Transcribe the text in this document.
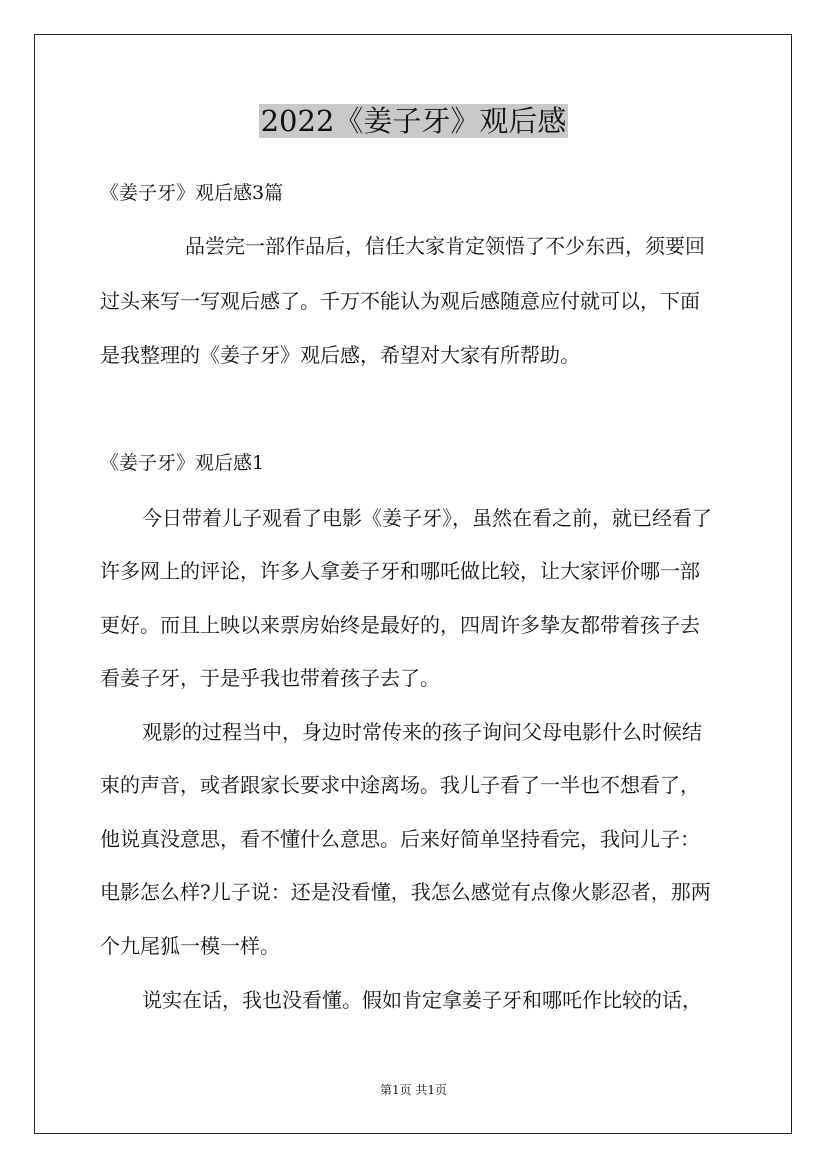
2022《姜子牙》观后感

《姜子牙》观后感3篇

品尝完一部作品后，信任大家肯定领悟了不少东西，须要回

过头来写一写观后感了。千万不能认为观后感随意应付就可以，下面

是我整理的《姜子牙》观后感，希望对大家有所帮助。

《姜子牙》观后感1

今日带着儿子观看了电影《姜子牙》，虽然在看之前，就已经看了

许多网上的评论，许多人拿姜子牙和哪吒做比较，让大家评价哪一部

更好。而且上映以来票房始终是最好的，四周许多挚友都带着孩子去

看姜子牙，于是乎我也带着孩子去了。

观影的过程当中，身边时常传来的孩子询问父母电影什么时候结

束的声音，或者跟家长要求中途离场。我儿子看了一半也不想看了，

他说真没意思，看不懂什么意思。后来好简单坚持看完，我问儿子：

电影怎么样?儿子说：还是没看懂，我怎么感觉有点像火影忍者，那两

个九尾狐一模一样。

说实在话，我也没看懂。假如肯定拿姜子牙和哪吒作比较的话，

第1页 共1页
